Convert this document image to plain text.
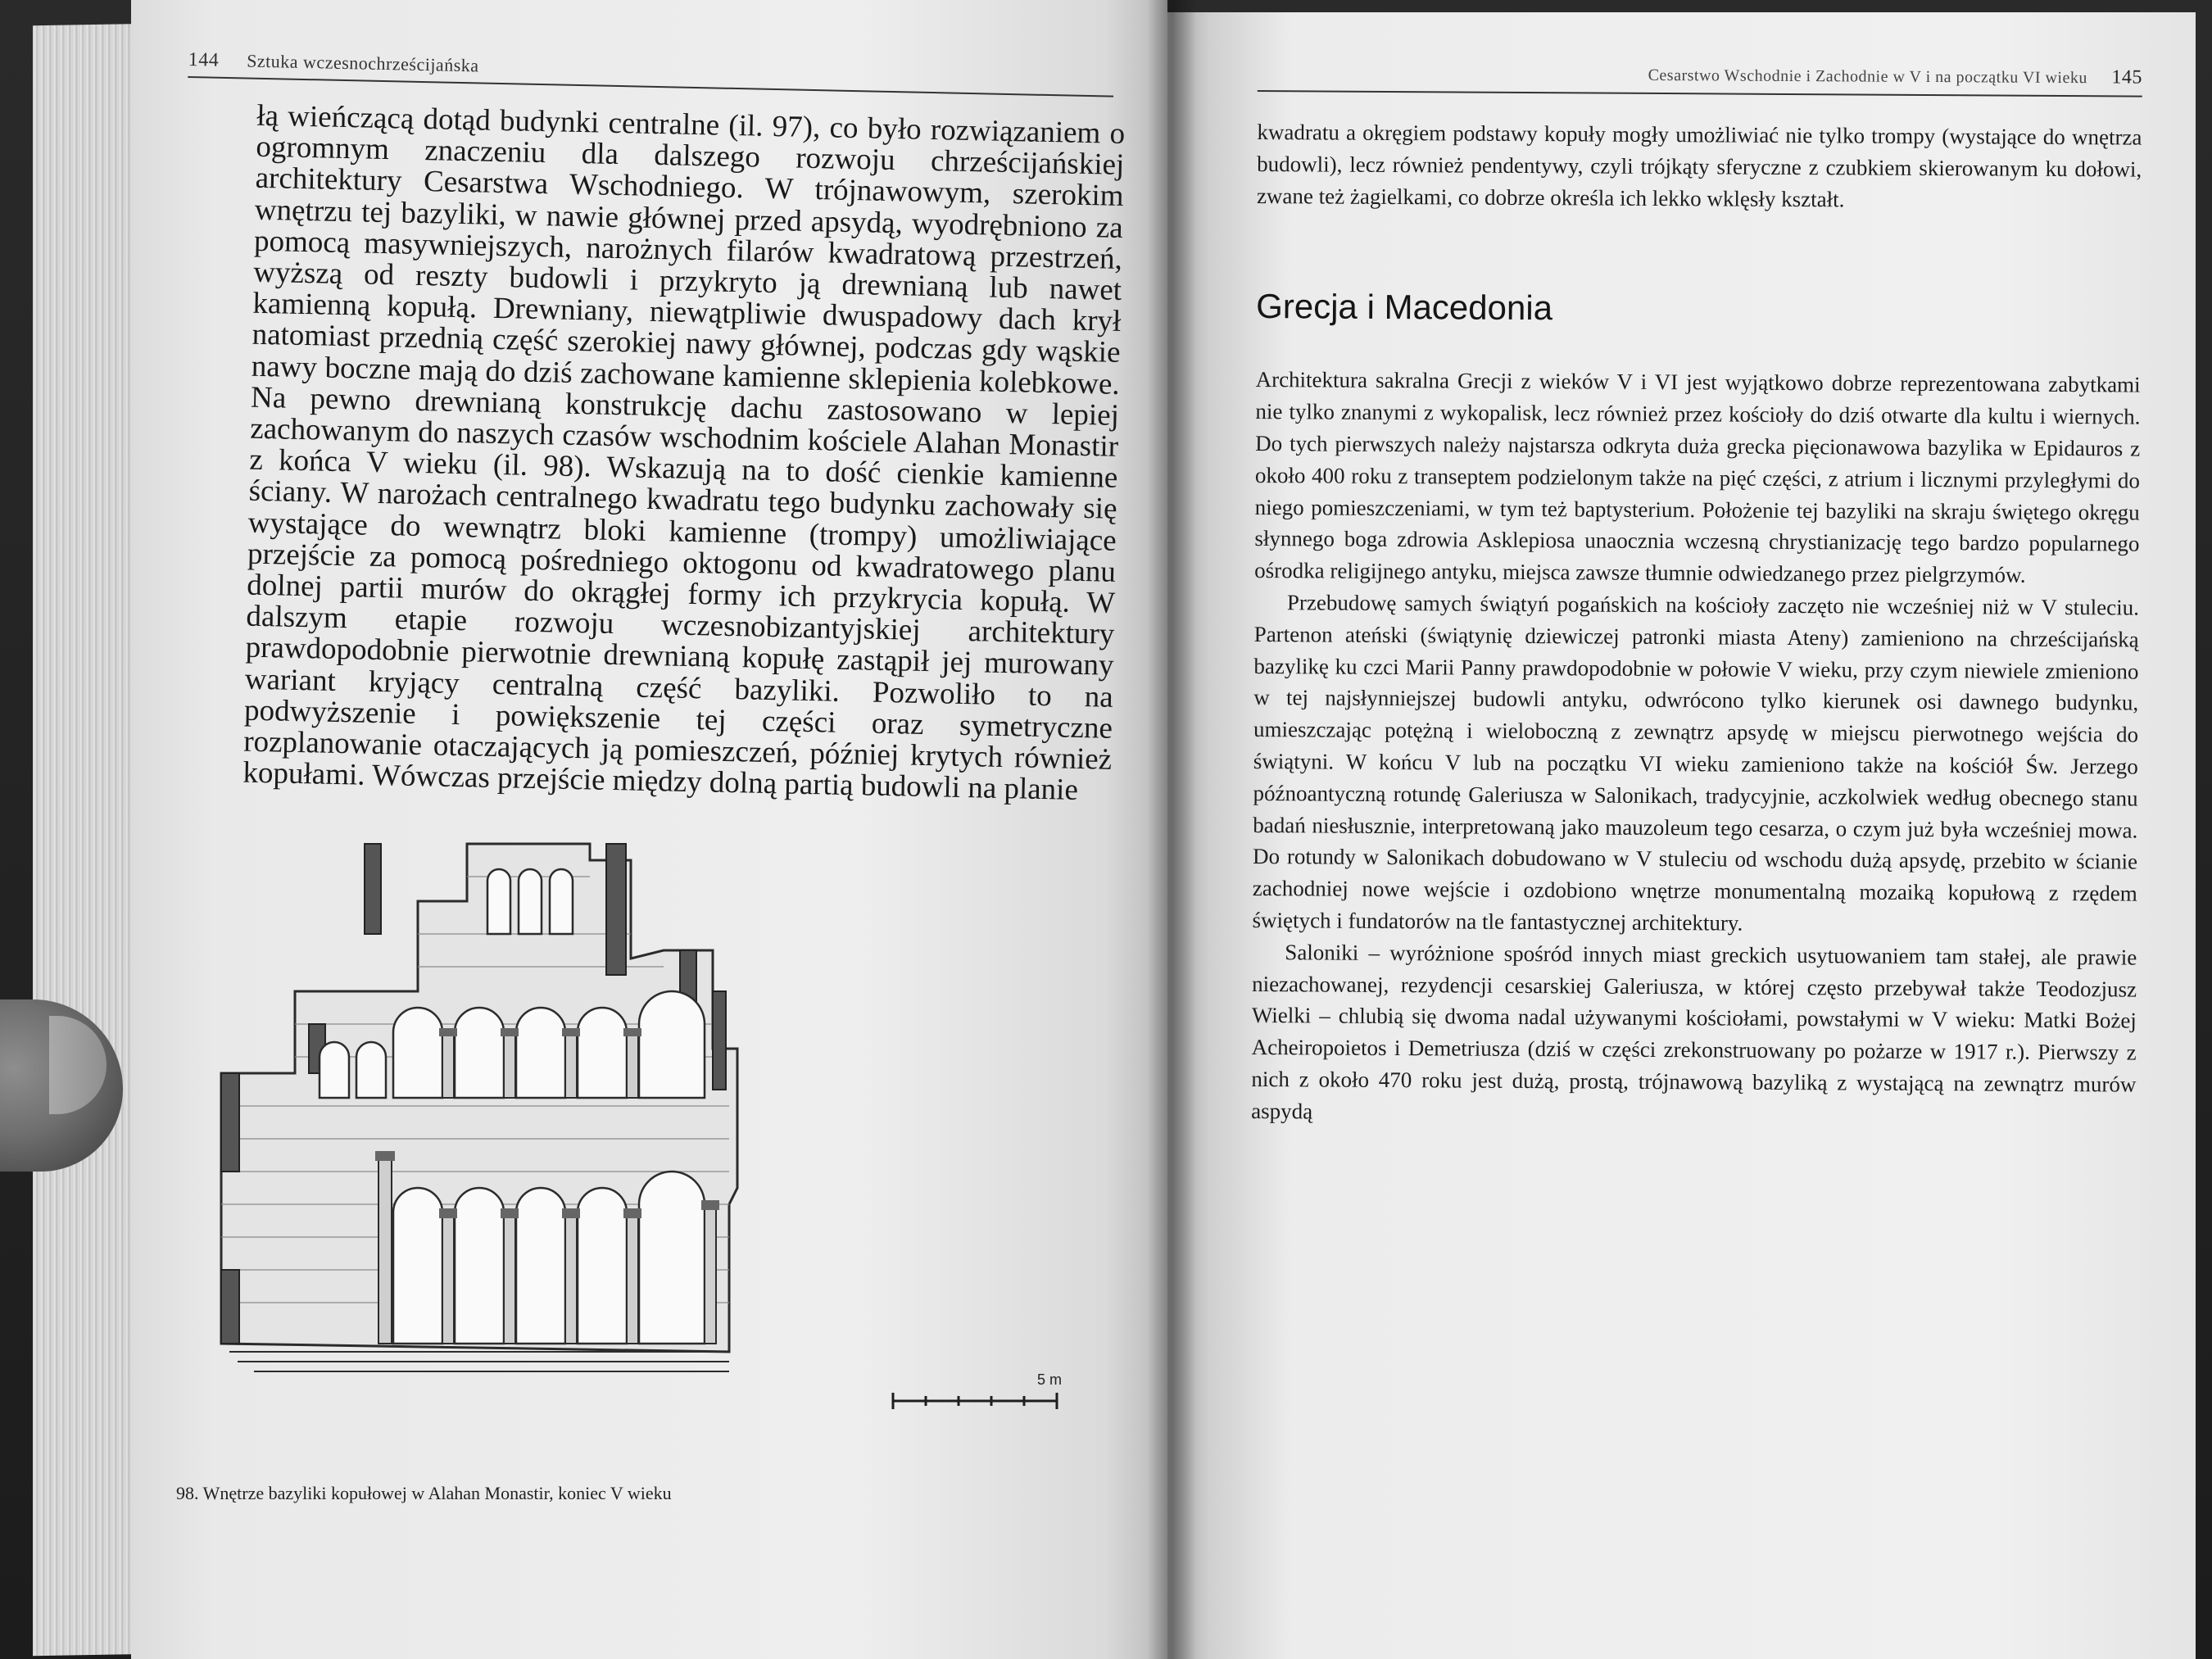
144 Sztuka wczesnochrześcijańska

łą wieńczącą dotąd budynki centralne (il. 97), co było rozwiązaniem o ogromnym znaczeniu dla dalszego rozwoju chrześcijańskiej architektury Cesarstwa Wschodniego. W trójnawowym, szerokim wnętrzu tej bazyliki, w nawie głównej przed apsydą, wyodrębniono za pomocą masywniejszych, narożnych filarów kwadratową przestrzeń, wyższą od reszty budowli i przykryto ją drewnianą lub nawet kamienną kopułą. Drewniany, niewątpliwie dwuspadowy dach krył natomiast przednią część szerokiej nawy głównej, podczas gdy wąskie nawy boczne mają do dziś zachowane kamienne sklepienia kolebkowe. Na pewno drewnianą konstrukcję dachu zastosowano w lepiej zachowanym do naszych czasów wschodnim kościele Alahan Monastir z końca V wieku (il. 98). Wskazują na to dość cienkie kamienne ściany. W narożach centralnego kwadratu tego budynku zachowały się wystające do wewnątrz bloki kamienne (trompy) umożliwiające przejście za pomocą pośredniego oktogonu od kwadratowego planu dolnej partii murów do okrągłej formy ich przykrycia kopułą. W dalszym etapie rozwoju wczesnobizantyjskiej architektury prawdopodobnie pierwotnie drewnianą kopułę zastąpił jej murowany wariant kryjący centralną część bazyliki. Pozwoliło to na podwyższenie i powiększenie tej części oraz symetryczne rozplanowanie otaczających ją pomieszczeń, później krytych również kopułami. Wówczas przejście między dolną partią budowli na planie

5 m
98. Wnętrze bazyliki kopułowej w Alahan Monastir, koniec V wieku
Cesarstwo Wschodnie i Zachodnie w V i na początku VI wieku 145

kwadratu a okręgiem podstawy kopuły mogły umożliwiać nie tylko trompy (wystające do wnętrza budowli), lecz również pendentywy, czyli trójkąty sferyczne z czubkiem skierowanym ku dołowi, zwane też żagielkami, co dobrze określa ich lekko wklęsły kształt.

Grecja i Macedonia

Architektura sakralna Grecji z wieków V i VI jest wyjątkowo dobrze reprezentowana zabytkami nie tylko znanymi z wykopalisk, lecz również przez kościoły do dziś otwarte dla kultu i wiernych. Do tych pierwszych należy najstarsza odkryta duża grecka pięcionawowa bazylika w Epidauros z około 400 roku z transeptem podzielonym także na pięć części, z atrium i licznymi przyległymi do niego pomieszczeniami, w tym też baptysterium. Położenie tej bazyliki na skraju świętego okręgu słynnego boga zdrowia Asklepiosa unaocznia wczesną chrystianizację tego bardzo popularnego ośrodka religijnego antyku, miejsca zawsze tłumnie odwiedzanego przez pielgrzymów.

Przebudowę samych świątyń pogańskich na kościoły zaczęto nie wcześniej niż w V stuleciu. Partenon ateński (świątynię dziewiczej patronki miasta Ateny) zamieniono na chrześcijańską bazylikę ku czci Marii Panny prawdopodobnie w połowie V wieku, przy czym niewiele zmieniono w tej najsłynniejszej budowli antyku, odwrócono tylko kierunek osi dawnego budynku, umieszczając potężną i wieloboczną z zewnątrz apsydę w miejscu pierwotnego wejścia do świątyni. W końcu V lub na początku VI wieku zamieniono także na kościół Św. Jerzego późnoantyczną rotundę Galeriusza w Salonikach, tradycyjnie, aczkolwiek według obecnego stanu badań niesłusznie, interpretowaną jako mauzoleum tego cesarza, o czym już była wcześniej mowa. Do rotundy w Salonikach dobudowano w V stuleciu od wschodu dużą apsydę, przebito w ścianie zachodniej nowe wejście i ozdobiono wnętrze monumentalną mozaiką kopułową z rzędem świętych i fundatorów na tle fantastycznej architektury.

Saloniki – wyróżnione spośród innych miast greckich usytuowaniem tam stałej, ale prawie niezachowanej, rezydencji cesarskiej Galeriusza, w której często przebywał także Teodozjusz Wielki – chlubią się dwoma nadal używanymi kościołami, powstałymi w V wieku: Matki Bożej Acheiropoietos i Demetriusza (dziś w części zrekonstruowany po pożarze w 1917 r.). Pierwszy z nich z około 470 roku jest dużą, prostą, trójnawową bazyliką z wystającą na zewnątrz murów aspydą
